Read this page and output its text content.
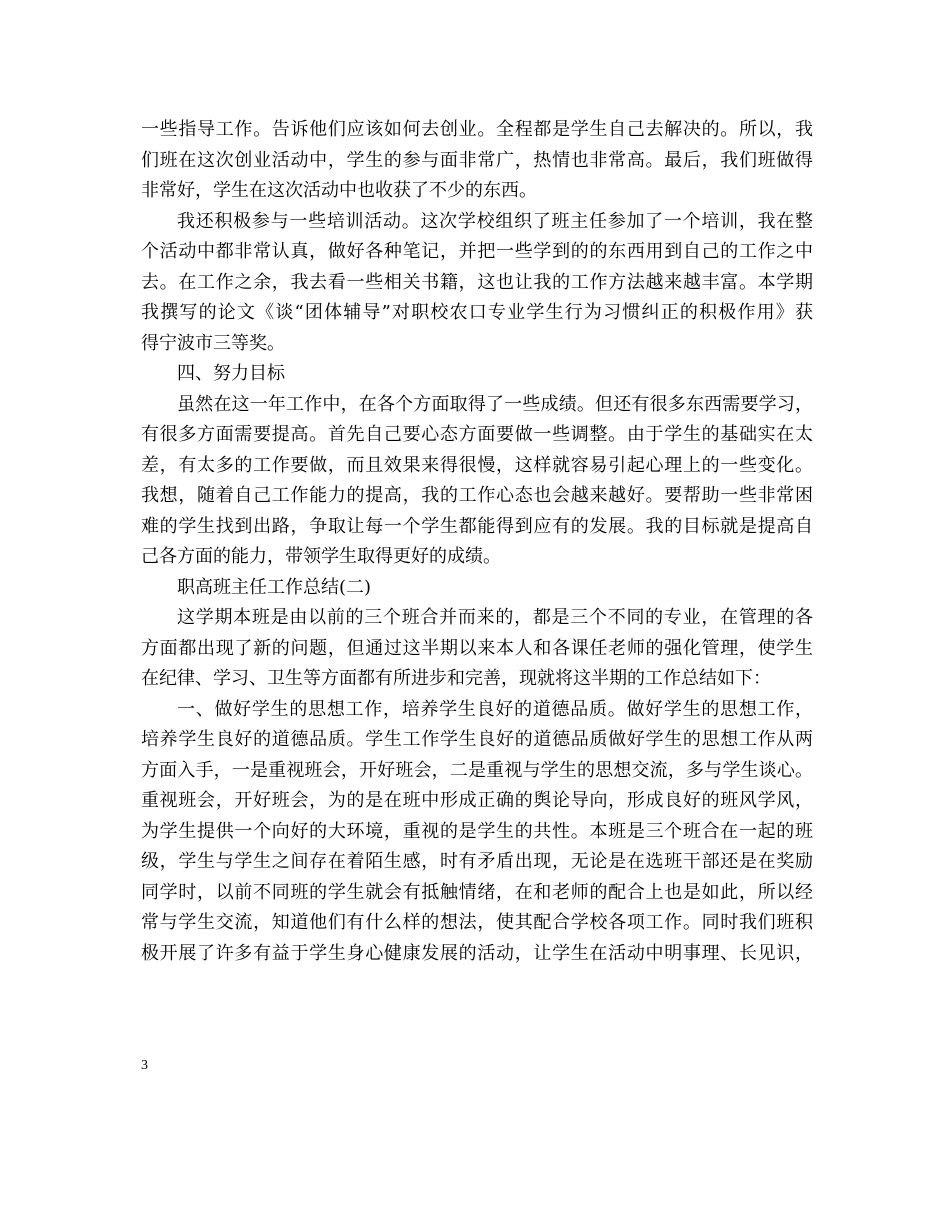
一些指导工作。告诉他们应该如何去创业。全程都是学生自己去解决的。所以，我
们班在这次创业活动中，学生的参与面非常广，热情也非常高。最后，我们班做得
非常好，学生在这次活动中也收获了不少的东西。
我还积极参与一些培训活动。这次学校组织了班主任参加了一个培训，我在整
个活动中都非常认真，做好各种笔记，并把一些学到的的东西用到自己的工作之中
去。在工作之余，我去看一些相关书籍，这也让我的工作方法越来越丰富。本学期
我撰写的论文《谈“团体辅导”对职校农口专业学生行为习惯纠正的积极作用》获
得宁波市三等奖。
四、努力目标
虽然在这一年工作中，在各个方面取得了一些成绩。但还有很多东西需要学习，
有很多方面需要提高。首先自己要心态方面要做一些调整。由于学生的基础实在太
差，有太多的工作要做，而且效果来得很慢，这样就容易引起心理上的一些变化。
我想，随着自己工作能力的提高，我的工作心态也会越来越好。要帮助一些非常困
难的学生找到出路，争取让每一个学生都能得到应有的发展。我的目标就是提高自
己各方面的能力，带领学生取得更好的成绩。
职高班主任工作总结(二)
这学期本班是由以前的三个班合并而来的，都是三个不同的专业，在管理的各
方面都出现了新的问题，但通过这半期以来本人和各课任老师的强化管理，使学生
在纪律、学习、卫生等方面都有所进步和完善，现就将这半期的工作总结如下：
一、做好学生的思想工作，培养学生良好的道德品质。做好学生的思想工作，
培养学生良好的道德品质。学生工作学生良好的道德品质做好学生的思想工作从两
方面入手，一是重视班会，开好班会，二是重视与学生的思想交流，多与学生谈心。
重视班会，开好班会，为的是在班中形成正确的舆论导向，形成良好的班风学风，
为学生提供一个向好的大环境，重视的是学生的共性。本班是三个班合在一起的班
级，学生与学生之间存在着陌生感，时有矛盾出现，无论是在选班干部还是在奖励
同学时，以前不同班的学生就会有抵触情绪，在和老师的配合上也是如此，所以经
常与学生交流，知道他们有什么样的想法，使其配合学校各项工作。同时我们班积
极开展了许多有益于学生身心健康发展的活动，让学生在活动中明事理、长见识，
3
